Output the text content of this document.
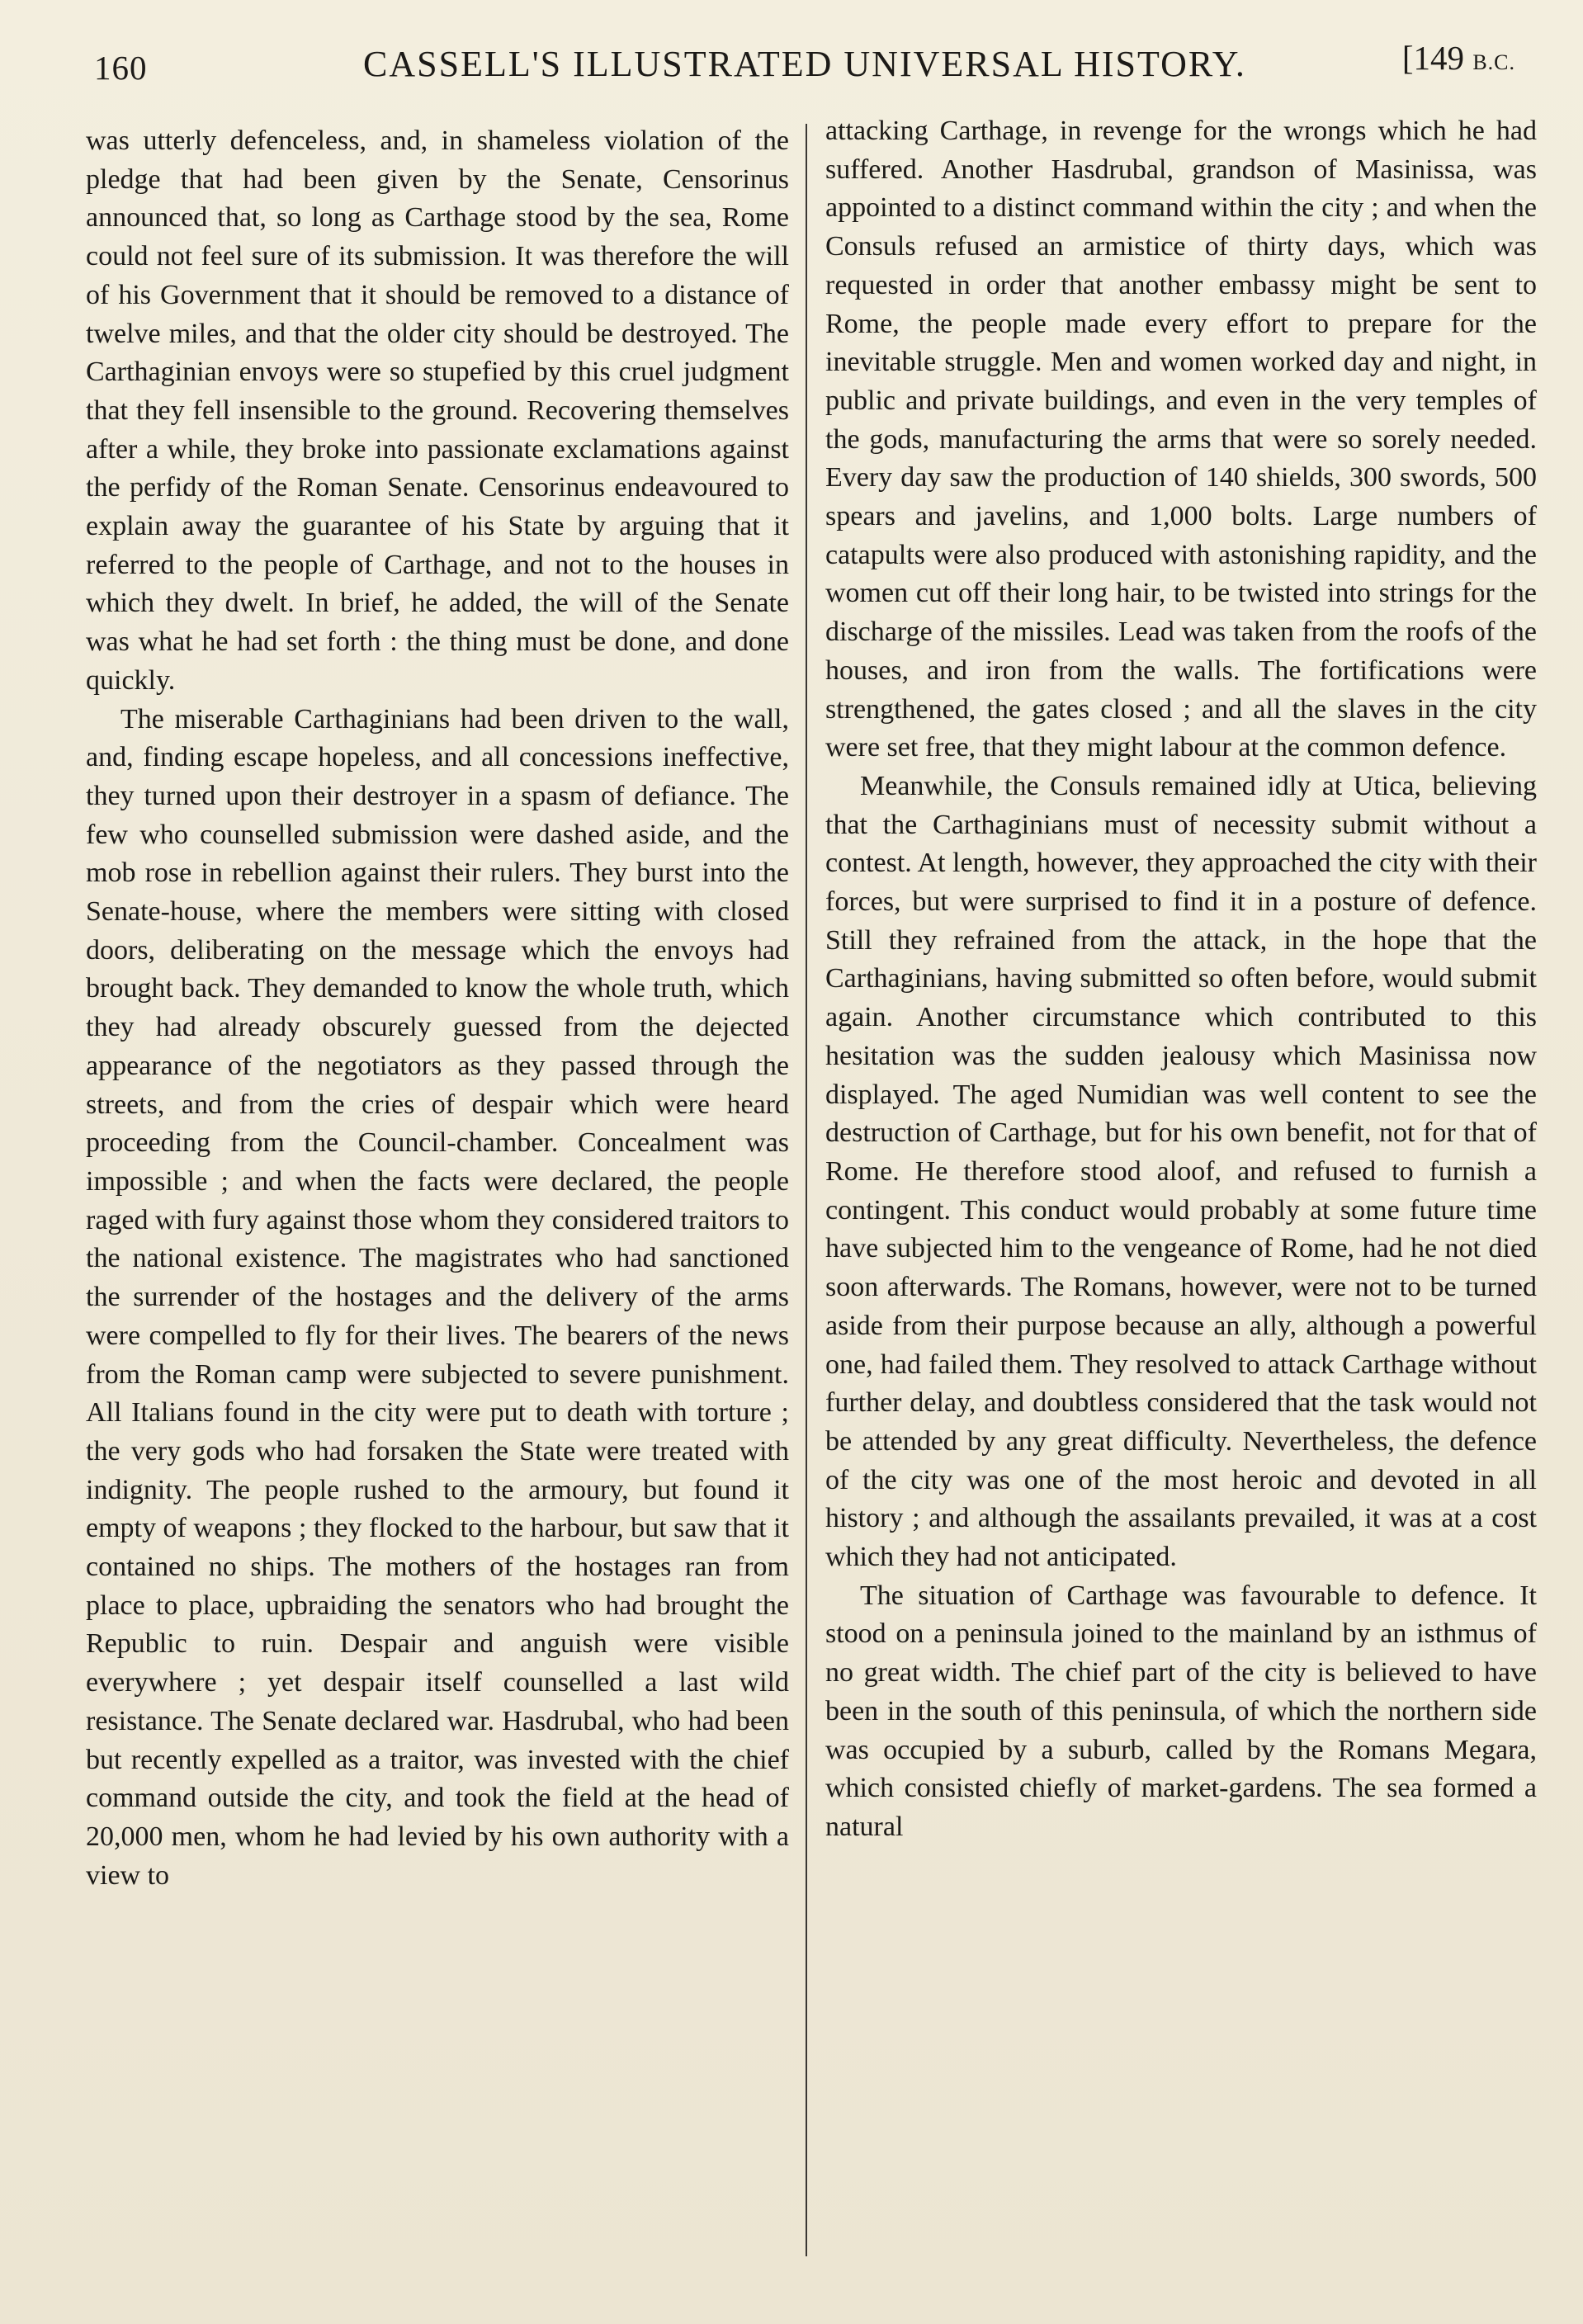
160	CASSELL'S ILLUSTRATED UNIVERSAL HISTORY.	[149 B.C.

was utterly defenceless, and, in shameless violation of the pledge that had been given by the Senate, Censorinus announced that, so long as Carthage stood by the sea, Rome could not feel sure of its submission. It was therefore the will of his Government that it should be removed to a distance of twelve miles, and that the older city should be destroyed. The Carthaginian envoys were so stupefied by this cruel judgment that they fell insensible to the ground. Recovering themselves after a while, they broke into passionate exclamations against the perfidy of the Roman Senate. Censorinus endeavoured to explain away the guarantee of his State by arguing that it referred to the people of Carthage, and not to the houses in which they dwelt. In brief, he added, the will of the Senate was what he had set forth : the thing must be done, and done quickly.

The miserable Carthaginians had been driven to the wall, and, finding escape hopeless, and all concessions ineffective, they turned upon their destroyer in a spasm of defiance. The few who counselled submission were dashed aside, and the mob rose in rebellion against their rulers. They burst into the Senate-house, where the members were sitting with closed doors, deliberating on the message which the envoys had brought back. They demanded to know the whole truth, which they had already obscurely guessed from the dejected appearance of the negotiators as they passed through the streets, and from the cries of despair which were heard proceeding from the Council-chamber. Concealment was impossible ; and when the facts were declared, the people raged with fury against those whom they considered traitors to the national existence. The magistrates who had sanctioned the surrender of the hostages and the delivery of the arms were compelled to fly for their lives. The bearers of the news from the Roman camp were subjected to severe punishment. All Italians found in the city were put to death with torture ; the very gods who had forsaken the State were treated with indignity. The people rushed to the armoury, but found it empty of weapons ; they flocked to the harbour, but saw that it contained no ships. The mothers of the hostages ran from place to place, upbraiding the senators who had brought the Republic to ruin. Despair and anguish were visible everywhere ; yet despair itself counselled a last wild resistance. The Senate declared war. Hasdrubal, who had been but recently expelled as a traitor, was invested with the chief command outside the city, and took the field at the head of 20,000 men, whom he had levied by his own authority with a view to

attacking Carthage, in revenge for the wrongs which he had suffered. Another Hasdrubal, grandson of Masinissa, was appointed to a distinct command within the city ; and when the Consuls refused an armistice of thirty days, which was requested in order that another embassy might be sent to Rome, the people made every effort to prepare for the inevitable struggle. Men and women worked day and night, in public and private buildings, and even in the very temples of the gods, manufacturing the arms that were so sorely needed. Every day saw the production of 140 shields, 300 swords, 500 spears and javelins, and 1,000 bolts. Large numbers of catapults were also produced with astonishing rapidity, and the women cut off their long hair, to be twisted into strings for the discharge of the missiles. Lead was taken from the roofs of the houses, and iron from the walls. The fortifications were strengthened, the gates closed ; and all the slaves in the city were set free, that they might labour at the common defence.

Meanwhile, the Consuls remained idly at Utica, believing that the Carthaginians must of necessity submit without a contest. At length, however, they approached the city with their forces, but were surprised to find it in a posture of defence. Still they refrained from the attack, in the hope that the Carthaginians, having submitted so often before, would submit again. Another circumstance which contributed to this hesitation was the sudden jealousy which Masinissa now displayed. The aged Numidian was well content to see the destruction of Carthage, but for his own benefit, not for that of Rome. He therefore stood aloof, and refused to furnish a contingent. This conduct would probably at some future time have subjected him to the vengeance of Rome, had he not died soon afterwards. The Romans, however, were not to be turned aside from their purpose because an ally, although a powerful one, had failed them. They resolved to attack Carthage without further delay, and doubtless considered that the task would not be attended by any great difficulty. Nevertheless, the defence of the city was one of the most heroic and devoted in all history ; and although the assailants prevailed, it was at a cost which they had not anticipated.

The situation of Carthage was favourable to defence. It stood on a peninsula joined to the mainland by an isthmus of no great width. The chief part of the city is believed to have been in the south of this peninsula, of which the northern side was occupied by a suburb, called by the Romans Megara, which consisted chiefly of market-gardens. The sea formed a natural
